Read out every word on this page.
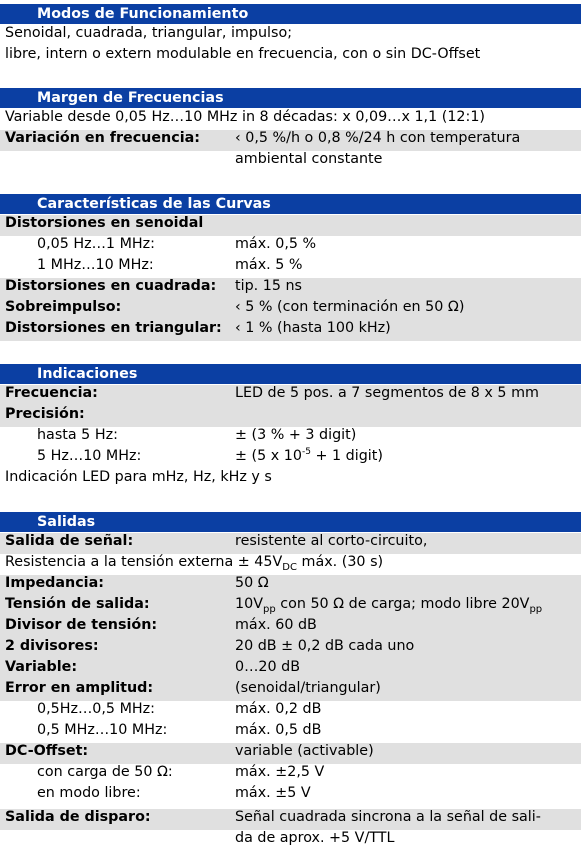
Modos de Funcionamiento
Senoidal, cuadrada, triangular, impulso;
libre, intern o extern modulable en frecuencia, con o sin DC-Offset
Margen de Frecuencias
Variable desde 0,05 Hz…10 MHz in 8 décadas: x 0,09…x 1,1 (12:1)
Variación en frecuencia: ‹ 0,5 %/h o 0,8 %/24 h con temperatura
ambiental constante
Características de las Curvas
Distorsiones en senoidal
0,05 Hz…1 MHz:	máx. 0,5 %
1 MHz…10 MHz:	máx. 5 %
Distorsiones en cuadrada: tip. 15 ns
Sobreimpulso:	‹ 5 % (con terminación en 50 Ω)
Distorsiones en triangular: ‹ 1 % (hasta 100 kHz)
Indicaciones
Frecuencia:	LED de 5 pos. a 7 segmentos de 8 x 5 mm
Precisión:
hasta 5 Hz:	± (3 % + 3 digit)
5 Hz…10 MHz:	± (5 x $10^{-5} + 1$ digit)
Indicación LED para mHz, Hz, kHz y s
Salidas
Salida de señal:	resistente al corto-circuito,
Resistencia a la tensión externa ± $45V_{DC}$ máx. (30 s)
Impedancia:	50 Ω
Tensión de salida:	$10V_{pp}$ con 50 Ω de carga; modo libre $20V_{pp}$
Divisor de tensión:	máx. 60 dB
2 divisores:	20 dB ± 0,2 dB cada uno
Variable:	0…20 dB
Error en amplitud:	(senoidal/triangular)
0,5Hz…0,5 MHz:	máx. 0,2 dB
0,5 MHz…10 MHz:	máx. 0,5 dB
DC-Offset:	variable (activable)
con carga de 50 Ω:	máx. ±2,5 V
en modo libre:	máx. ±5 V
Salida de disparo:	Señal cuadrada sincrona a la señal de sali-
da de aprox. +5 V/TTL
